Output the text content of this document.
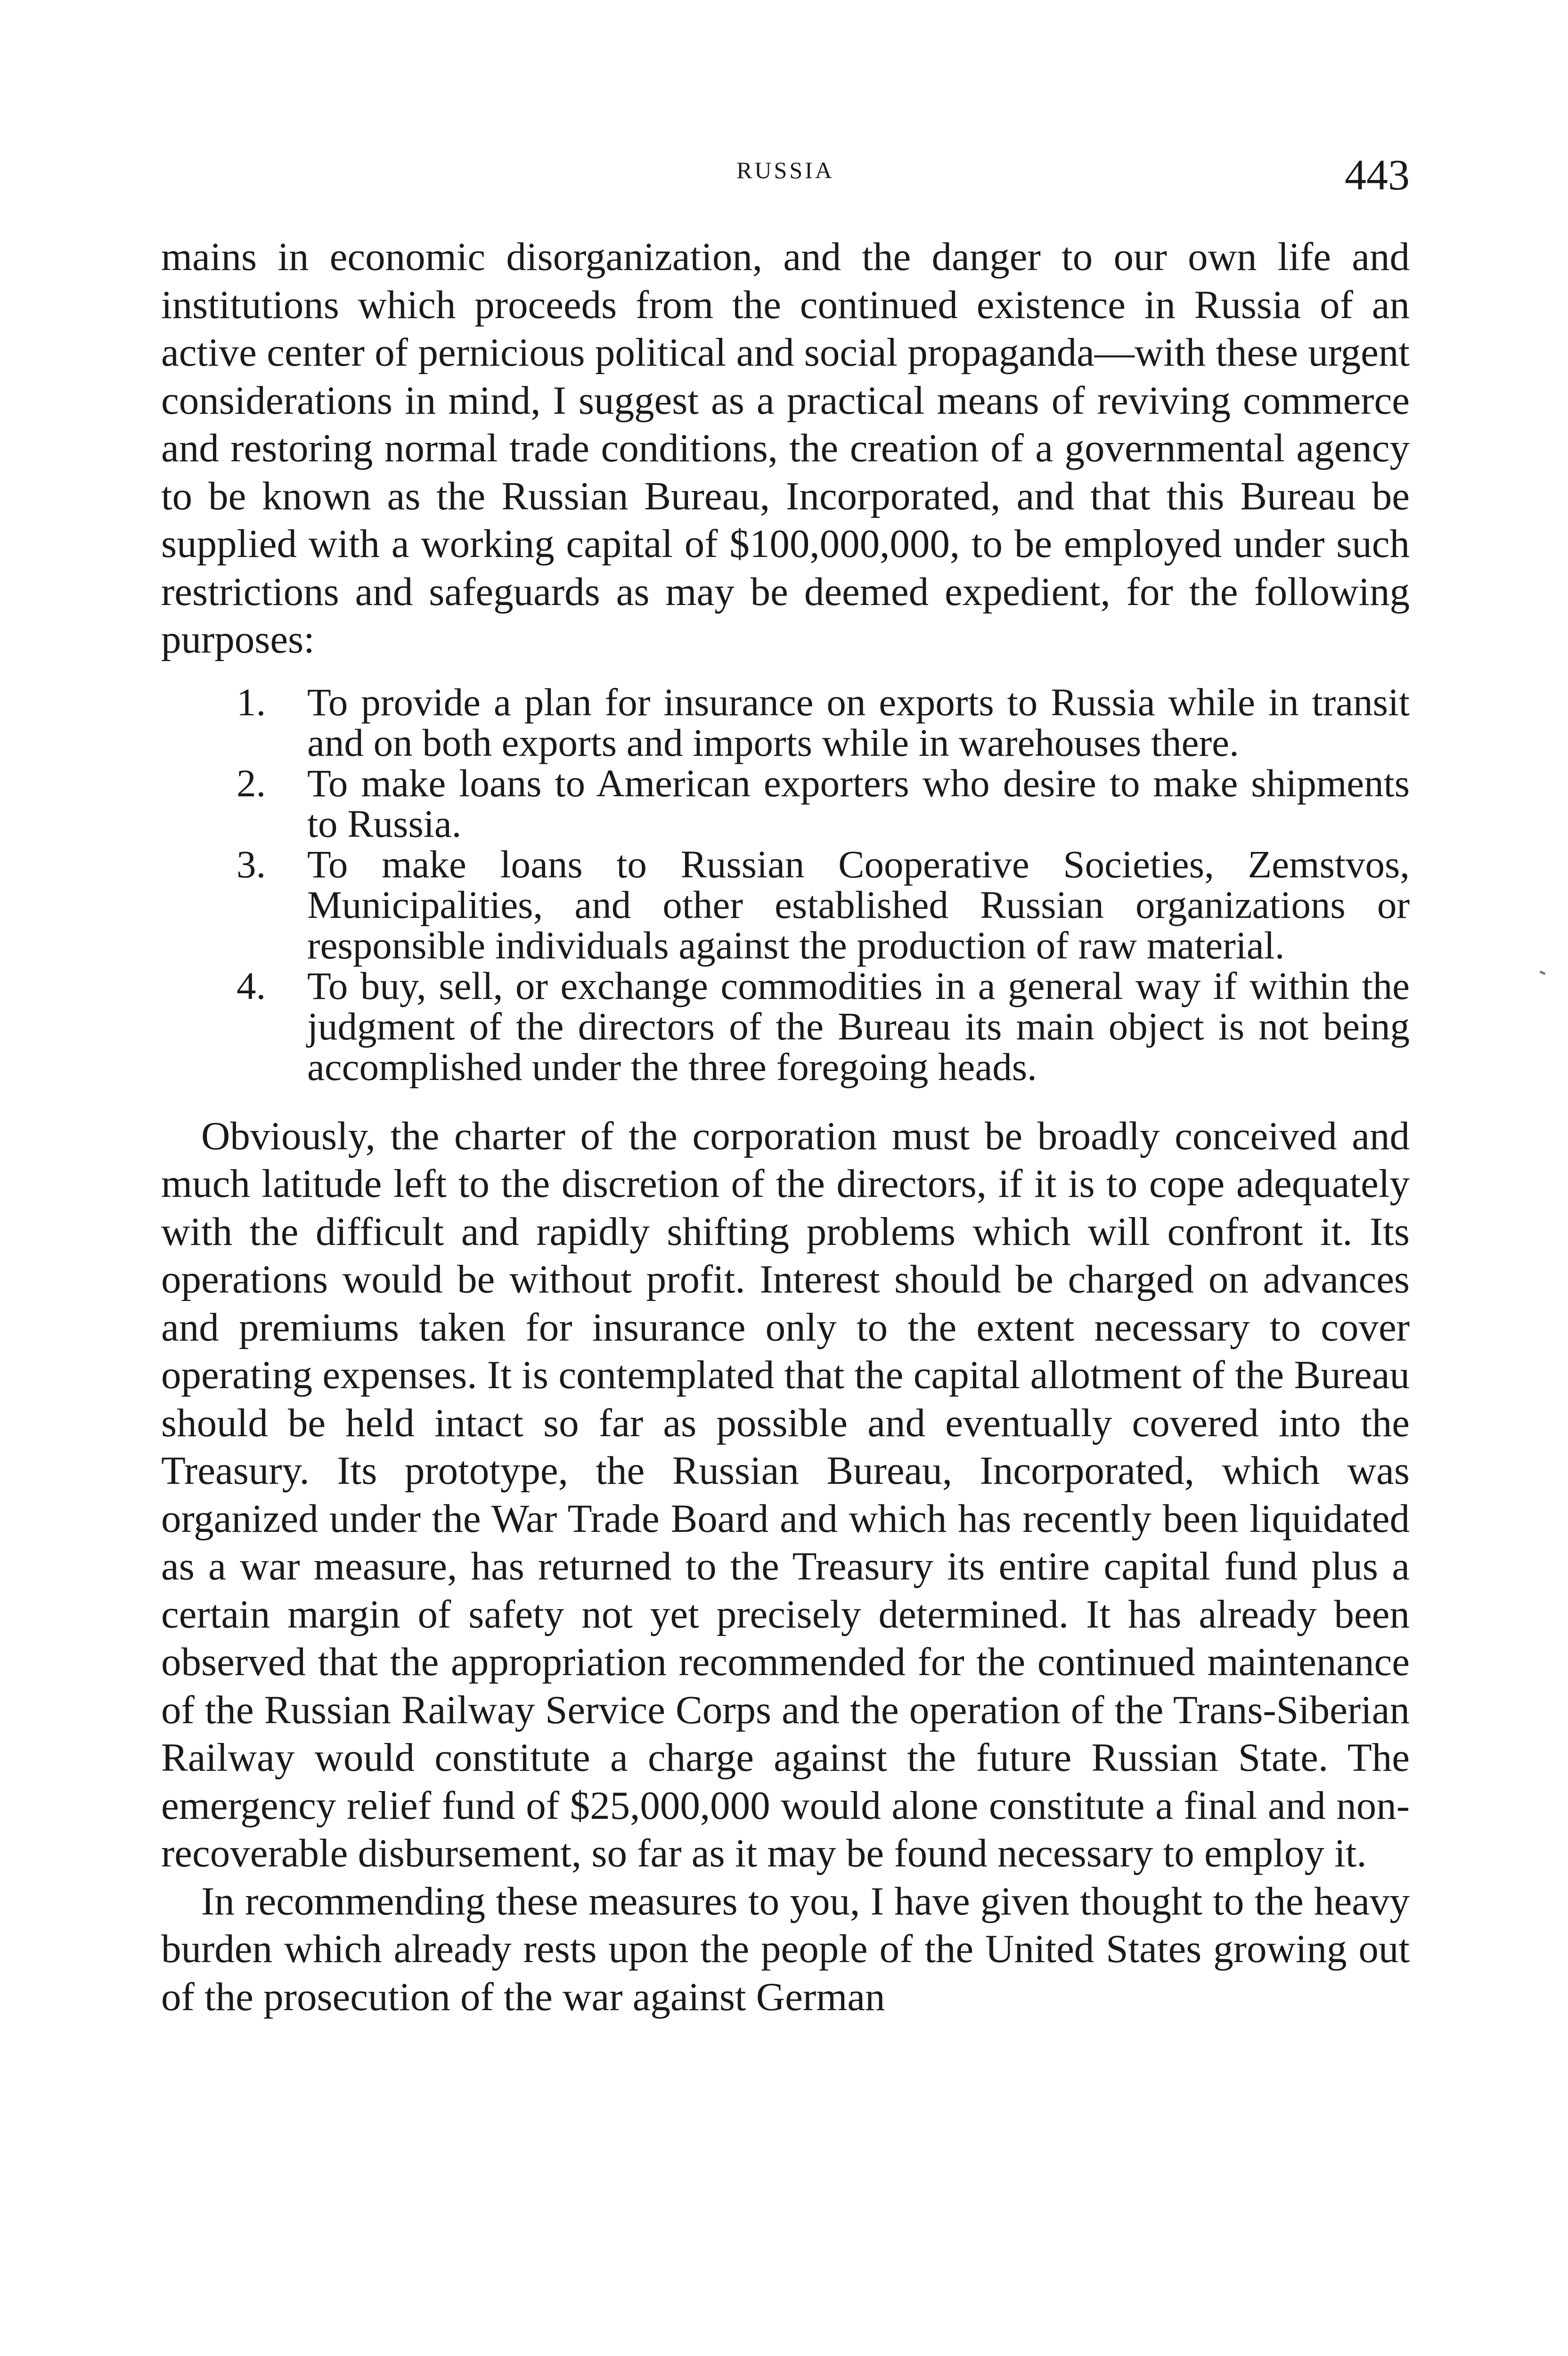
RUSSIA	443

mains in economic disorganization, and the danger to our own life and institutions which proceeds from the continued existence in Russia of an active center of pernicious political and social propaganda—with these urgent considerations in mind, I suggest as a practical means of reviving commerce and restoring normal trade conditions, the creation of a governmental agency to be known as the Russian Bureau, Incorporated, and that this Bureau be supplied with a working capital of $100,000,000, to be employed under such restrictions and safeguards as may be deemed expedient, for the following purposes:

1. To provide a plan for insurance on exports to Russia while in transit and on both exports and imports while in warehouses there.
2. To make loans to American exporters who desire to make shipments to Russia.
3. To make loans to Russian Cooperative Societies, Zemstvos, Municipalities, and other established Russian organizations or responsible individuals against the production of raw material.
4. To buy, sell, or exchange commodities in a general way if within the judgment of the directors of the Bureau its main object is not being accomplished under the three foregoing heads.

Obviously, the charter of the corporation must be broadly conceived and much latitude left to the discretion of the directors, if it is to cope adequately with the difficult and rapidly shifting problems which will confront it. Its operations would be without profit. Interest should be charged on advances and premiums taken for insurance only to the extent necessary to cover operating expenses. It is contemplated that the capital allotment of the Bureau should be held intact so far as possible and eventually covered into the Treasury. Its prototype, the Russian Bureau, Incorporated, which was organized under the War Trade Board and which has recently been liquidated as a war measure, has returned to the Treasury its entire capital fund plus a certain margin of safety not yet precisely determined. It has already been observed that the appropriation recommended for the continued maintenance of the Russian Railway Service Corps and the operation of the Trans-Siberian Railway would constitute a charge against the future Russian State. The emergency relief fund of $25,000,000 would alone constitute a final and non-recoverable disbursement, so far as it may be found necessary to employ it.

In recommending these measures to you, I have given thought to the heavy burden which already rests upon the people of the United States growing out of the prosecution of the war against German
